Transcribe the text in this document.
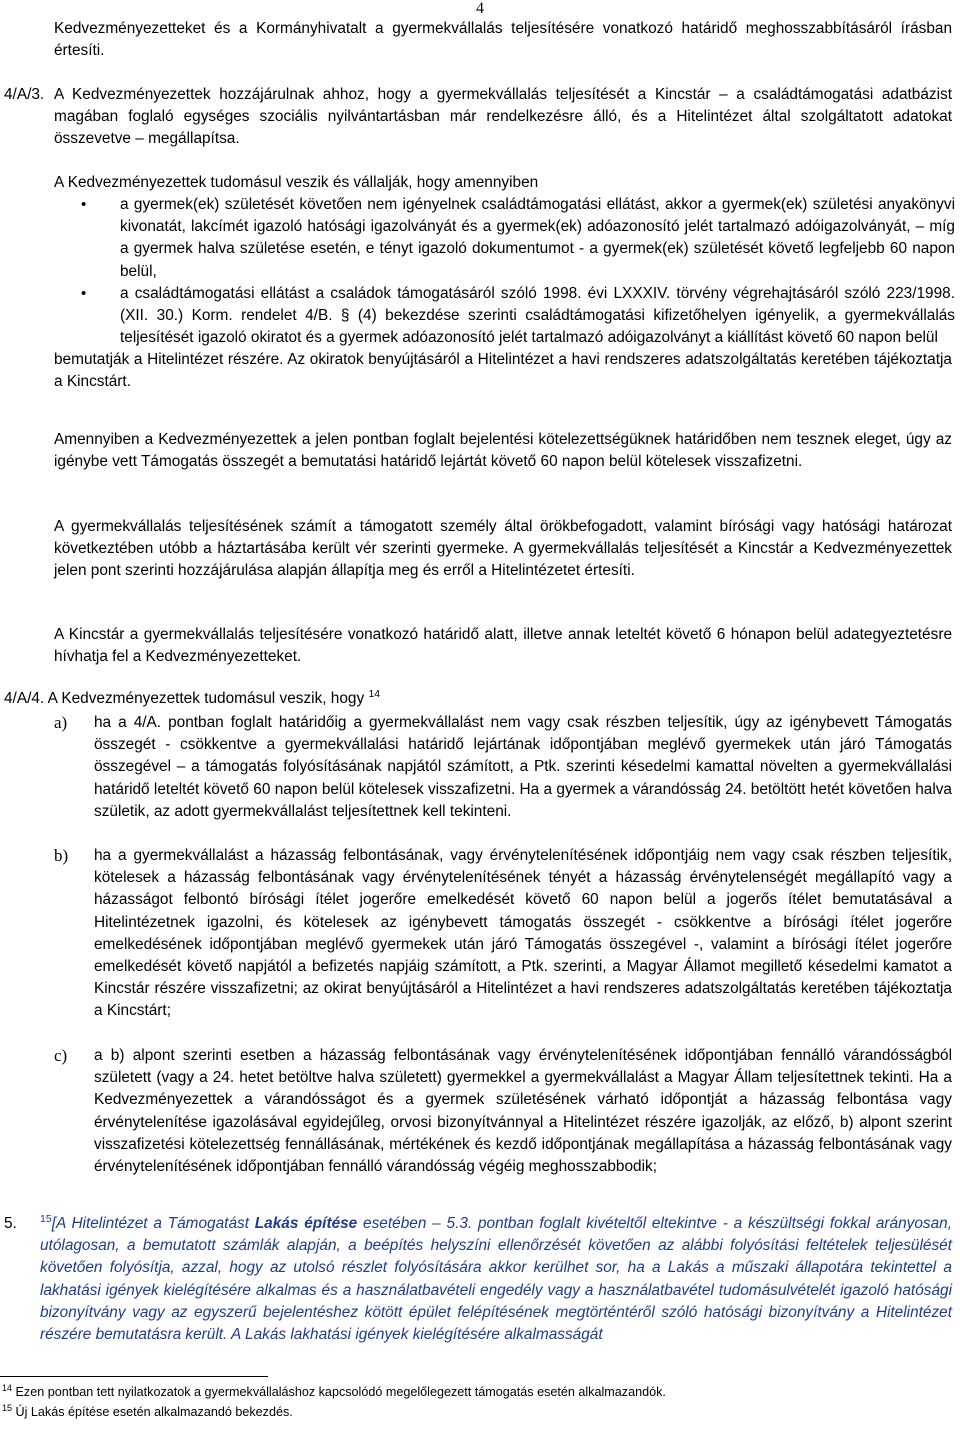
4

Kedvezményezetteket és a Kormányhivatalt a gyermekvállalás teljesítésére vonatkozó határidő meghosszabbításáról írásban értesíti.

4/A/3. A Kedvezményezettek hozzájárulnak ahhoz, hogy a gyermekvállalás teljesítését a Kincstár – a családtámogatási adatbázist magában foglaló egységes szociális nyilvántartásban már rendelkezésre álló, és a Hitelintézet által szolgáltatott adatokat összevetve – megállapítsa.

A Kedvezményezettek tudomásul veszik és vállalják, hogy amennyiben

• a gyermek(ek) születését követően nem igényelnek családtámogatási ellátást, akkor a gyermek(ek) születési anyakönyvi kivonatát, lakcímét igazoló hatósági igazolványát és a gyermek(ek) adóazonosító jelét tartalmazó adóigazolványát, – míg a gyermek halva születése esetén, e tényt igazoló dokumentumot - a gyermek(ek) születését követő legfeljebb 60 napon belül,
• a családtámogatási ellátást a családok támogatásáról szóló 1998. évi LXXXIV. törvény végrehajtásáról szóló 223/1998. (XII. 30.) Korm. rendelet 4/B. § (4) bekezdése szerinti családtámogatási kifizetőhelyen igényelik, a gyermekvállalás teljesítését igazoló okiratot és a gyermek adóazonosító jelét tartalmazó adóigazolványt a kiállítást követő 60 napon belül

bemutatják a Hitelintézet részére. Az okiratok benyújtásáról a Hitelintézet a havi rendszeres adatszolgáltatás keretében tájékoztatja a Kincstárt.

Amennyiben a Kedvezményezettek a jelen pontban foglalt bejelentési kötelezettségüknek határidőben nem tesznek eleget, úgy az igénybe vett Támogatás összegét a bemutatási határidő lejártát követő 60 napon belül kötelesek visszafizetni.

A gyermekvállalás teljesítésének számít a támogatott személy által örökbefogadott, valamint bírósági vagy hatósági határozat következtében utóbb a háztartásába került vér szerinti gyermeke. A gyermekvállalás teljesítését a Kincstár a Kedvezményezettek jelen pont szerinti hozzájárulása alapján állapítja meg és erről a Hitelintézetet értesíti.

A Kincstár a gyermekvállalás teljesítésére vonatkozó határidő alatt, illetve annak leteltét követő 6 hónapon belül adategyeztetésre hívhatja fel a Kedvezményezetteket.

4/A/4. A Kedvezményezettek tudomásul veszik, hogy $^{14}$
a) ha a 4/A. pontban foglalt határidőig a gyermekvállalást nem vagy csak részben teljesítik, úgy az igénybevett Támogatás összegét - csökkentve a gyermekvállalási határidő lejártának időpontjában meglévő gyermekek után járó Támogatás összegével – a támogatás folyósításának napjától számított, a Ptk. szerinti késedelmi kamattal növelten a gyermekvállalási határidő leteltét követő 60 napon belül kötelesek visszafizetni. Ha a gyermek a várandósság 24. betöltött hetét követően halva születik, az adott gyermekvállalást teljesítettnek kell tekinteni.
b) ha a gyermekvállalást a házasság felbontásának, vagy érvénytelenítésének időpontjáig nem vagy csak részben teljesítik, kötelesek a házasság felbontásának vagy érvénytelenítésének tényét a házasság érvénytelenségét megállapító vagy a házasságot felbontó bírósági ítélet jogerőre emelkedését követő 60 napon belül a jogerős ítélet bemutatásával a Hitelintézetnek igazolni, és kötelesek az igénybevett támogatás összegét - csökkentve a bírósági ítélet jogerőre emelkedésének időpontjában meglévő gyermekek után járó Támogatás összegével -, valamint a bírósági ítélet jogerőre emelkedését követő napjától a befizetés napjáig számított, a Ptk. szerinti, a Magyar Államot megillető késedelmi kamatot a Kincstár részére visszafizetni; az okirat benyújtásáról a Hitelintézet a havi rendszeres adatszolgáltatás keretében tájékoztatja a Kincstárt;
c) a b) alpont szerinti esetben a házasság felbontásának vagy érvénytelenítésének időpontjában fennálló várandósságból született (vagy a 24. hetet betöltve halva született) gyermekkel a gyermekvállalást a Magyar Állam teljesítettnek tekinti. Ha a Kedvezményezettek a várandósságot és a gyermek születésének várható időpontját a házasság felbontása vagy érvénytelenítése igazolásával egyidejűleg, orvosi bizonyítvánnyal a Hitelintézet részére igazolják, az előző, b) alpont szerint visszafizetési kötelezettség fennállásának, mértékének és kezdő időpontjának megállapítása a házasság felbontásának vagy érvénytelenítésének időpontjában fennálló várandósság végéig meghosszabbodik;
5. $^{15}$[A Hitelintézet a Támogatást Lakás építése esetében – 5.3. pontban foglalt kivételtől eltekintve - a készültségi fokkal arányosan, utólagosan, a bemutatott számlák alapján, a beépítés helyszíni ellenőrzését követően az alábbi folyósítási feltételek teljesülését követően folyósítja, azzal, hogy az utolsó részlet folyósítására akkor kerülhet sor, ha a Lakás a műszaki állapotára tekintettel a lakhatási igények kielégítésére alkalmas és a használatbavételi engedély vagy a használatbavétel tudomásulvételét igazoló hatósági bizonyítvány vagy az egyszerű bejelentéshez kötött épület felépítésének megtörténtéről szóló hatósági bizonyítvány a Hitelintézet részére bemutatásra került. A Lakás lakhatási igények kielégítésére alkalmasságát

$^{14}$ Ezen pontban tett nyilatkozatok a gyermekvállaláshoz kapcsolódó megelőlegezett támogatás esetén alkalmazandók.
$^{15}$ Új Lakás építése esetén alkalmazandó bekezdés.
